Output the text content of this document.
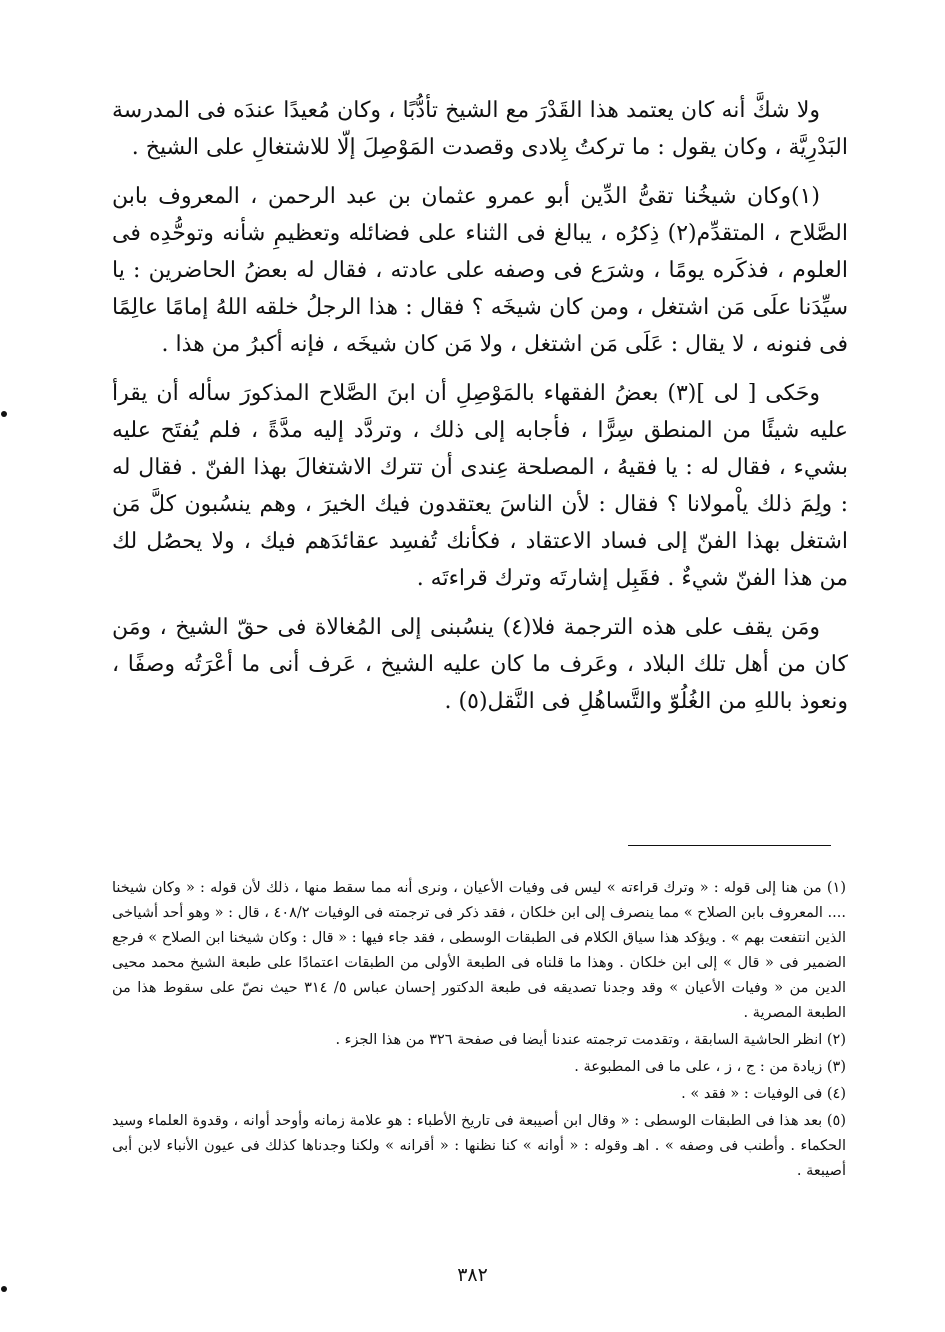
ولا شكَّ أنه كان يعتمد هذا القَدْرَ مع الشيخ تأدُّبًا ، وكان مُعيدًا عندَه فى المدرسة البَدْرِيَّة ، وكان يقول : ما تركتُ بِلادى وقصدت المَوْصِلَ إلّا للاشتغالِ على الشيخ .

(١)وكان شيخُنا تقىُّ الدِّين أبو عمرو عثمان بن عبد الرحمن ، المعروف بابن الصَّلاح ، المتقدِّم(٢) ذِكرُه ، يبالغ فى الثناء على فضائله وتعظيمِ شأنه وتوحُّدِه فى العلوم ، فذكَره يومًا ، وشرَع فى وصفه على عادته ، فقال له بعضُ الحاضرين : يا سيِّدَنا علَى مَن اشتغل ، ومن كان شيخَه ؟ فقال : هذا الرجلُ خلقه اللهُ إمامًا عالِمًا فى فنونه ، لا يقال : عَلَى مَن اشتغل ، ولا مَن كان شيخَه ، فإنه أكبرُ من هذا .

وحَكى [ لى ](٣) بعضُ الفقهاء بالمَوْصِلِ أن ابنَ الصَّلاح المذكورَ سأله أن يقرأ عليه شيئًا من المنطق سِرًّا ، فأجابه إلى ذلك ، وتردَّد إليه مدَّةً ، فلم يُفتَح عليه بشيء ، فقال له : يا فقيهُ ، المصلحة عِندى أن تترك الاشتغالَ بهذا الفنّ . فقال له : ولِمَ ذلك ياْمولانا ؟ فقال : لأن الناسَ يعتقدون فيك الخيرَ ، وهم ينسُبون كلَّ مَن اشتغل بهذا الفنّ إلى فساد الاعتقاد ، فكأنك تُفسِد عقائدَهم فيك ، ولا يحصُل لك من هذا الفنّ شيءٌ . فقَبِل إشارتَه وترك قراءتَه .

ومَن يقف على هذه الترجمة فلا(٤) ينسُبنى إلى المُغالاة فى حقّ الشيخ ، ومَن كان من أهل تلك البلاد ، وعَرف ما كان عليه الشيخ ، عَرف أنى ما أعْرَتُه وصفًا ، ونعوذ باللهِ من الغُلُوّ والتَّساهُلِ فى النَّقل(٥) .

(١) من هنا إلى قوله : « وترك قراءته » ليس فى وفيات الأعيان ، ونرى أنه مما سقط منها ، ذلك لأن قوله : « وكان شيخنا .... المعروف بابن الصلاح » مما ينصرف إلى ابن خلكان ، فقد ذكر فى ترجمته فى الوفيات ٤٠٨/٢ ، قال : « وهو أحد أشياخى الذين انتفعت بهم » . ويؤكد هذا سياق الكلام فى الطبقات الوسطى ، فقد جاء فيها : « قال : وكان شيخنا ابن الصلاح » فرجع الضمير فى « قال » إلى ابن خلكان . وهذا ما قلناه فى الطبعة الأولى من الطبقات اعتمادًا على طبعة الشيخ محمد محيى الدين من « وفيات الأعيان » وقد وجدنا تصديقه فى طبعة الدكتور إحسان عباس ٥/ ٣١٤ حيث نصّ على سقوط هذا من الطبعة المصرية .

(٢) انظر الحاشية السابقة ، وتقدمت ترجمته عندنا أيضا فى صفحة ٣٢٦ من هذا الجزء .

(٣) زيادة من : ج ، ز ، على ما فى المطبوعة .

(٤) فى الوفيات : « فقد » .

(٥) بعد هذا فى الطبقات الوسطى : « وقال ابن أصيبعة فى تاريخ الأطباء : هو علامة زمانه وأوحد أوانه ، وقدوة العلماء وسيد الحكماء . وأطنب فى وصفه » . اهـ وقوله : « أوانه » كنا نظنها : « أقرانه » ولكنا وجدناها كذلك فى عيون الأنباء لابن أبى أصيبعة .

٣٨٢
